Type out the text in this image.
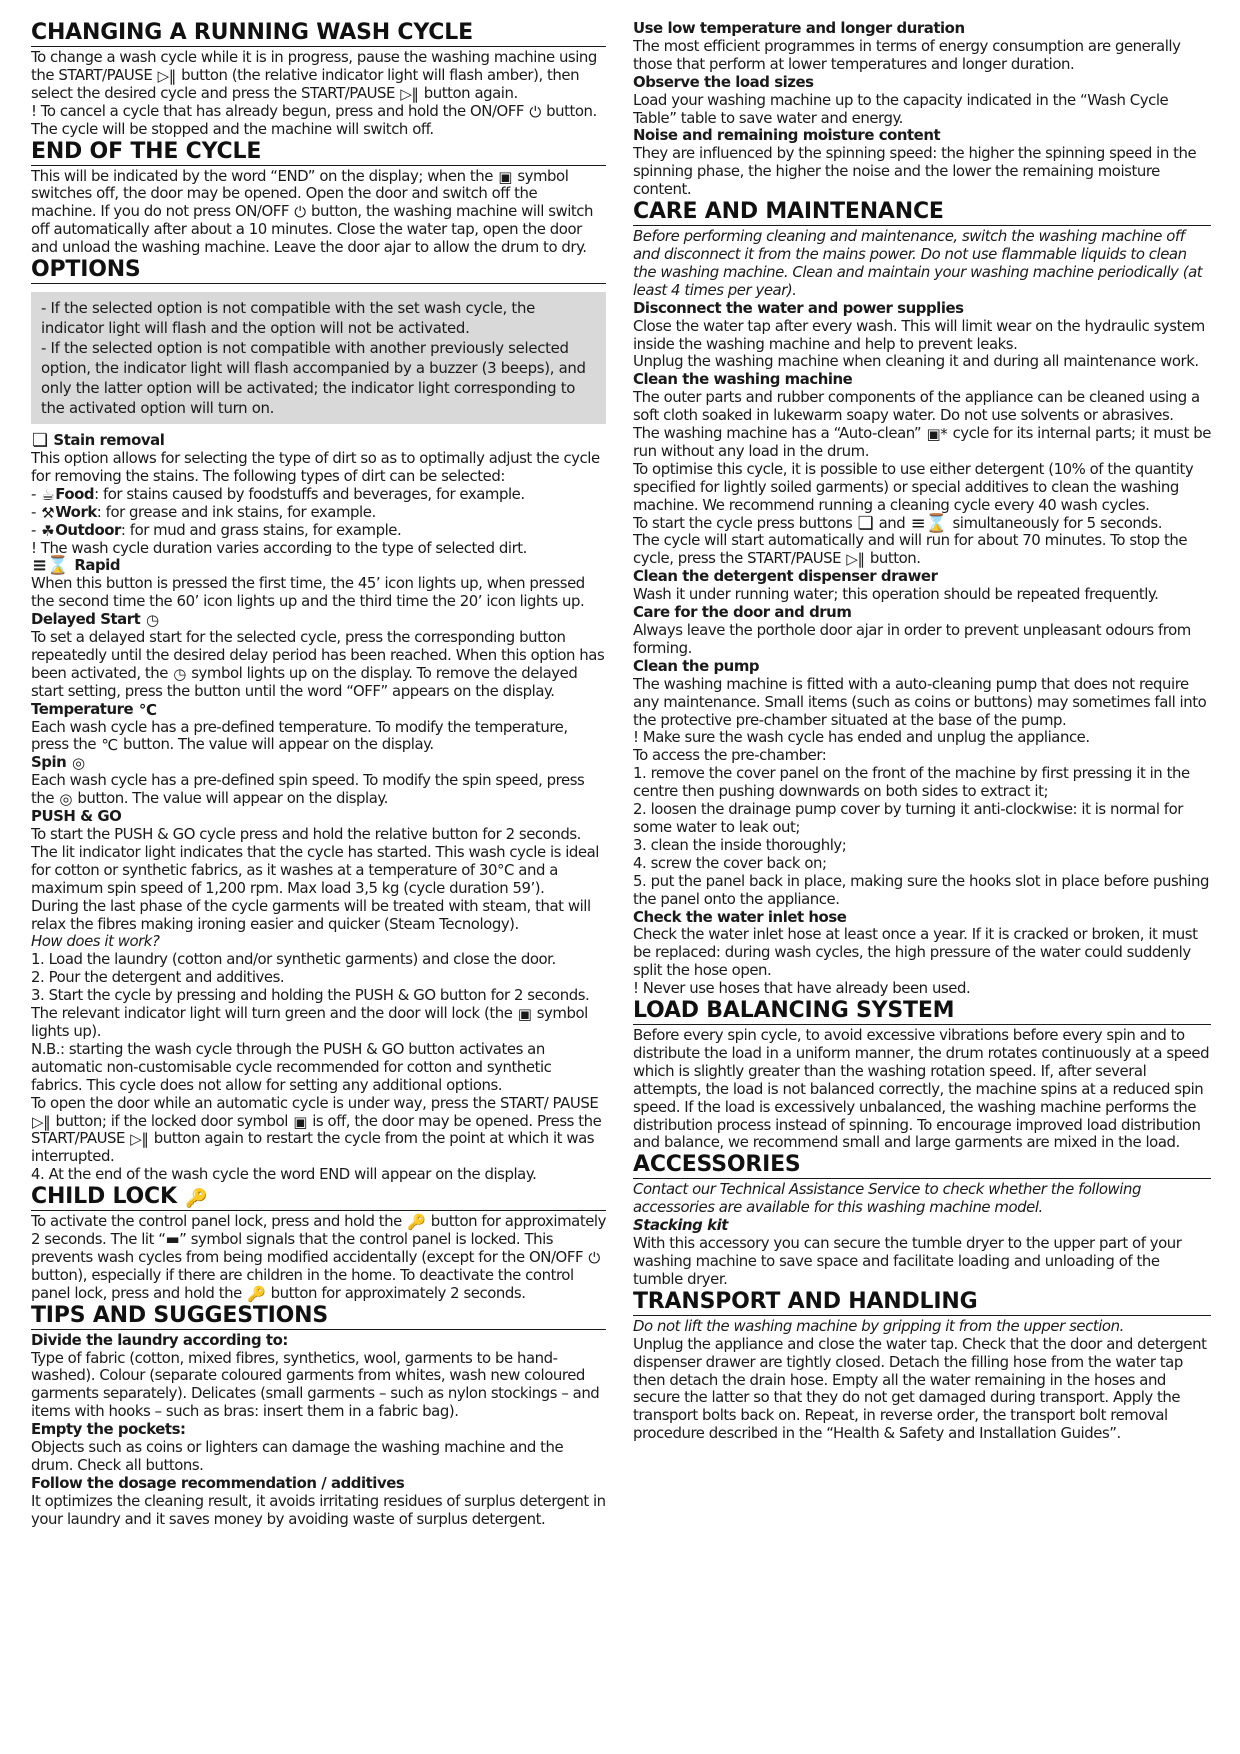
CHANGING A RUNNING WASH CYCLE

To change a wash cycle while it is in progress, pause the washing machine using the START/PAUSE ▷‖ button (the relative indicator light will flash amber), then select the desired cycle and press the START/PAUSE ▷‖ button again.

! To cancel a cycle that has already begun, press and hold the ON/OFF ⏻ button. The cycle will be stopped and the machine will switch off.

END OF THE CYCLE

This will be indicated by the word “END” on the display; when the ▣ symbol switches off, the door may be opened. Open the door and switch off the machine. If you do not press ON/OFF ⏻ button, the washing machine will switch off automatically after about a 10 minutes. Close the water tap, open the door and unload the washing machine. Leave the door ajar to allow the drum to dry.

OPTIONS

- If the selected option is not compatible with the set wash cycle, the indicator light will flash and the option will not be activated.

- If the selected option is not compatible with another previously selected option, the indicator light will flash accompanied by a buzzer (3 beeps), and only the latter option will be activated; the indicator light corresponding to the activated option will turn on.

❏ Stain removal

This option allows for selecting the type of dirt so as to optimally adjust the cycle for removing the stains. The following types of dirt can be selected:

- ☕Food: for stains caused by foodstuffs and beverages, for example.

- ⚒Work: for grease and ink stains, for example.

- ☘Outdoor: for mud and grass stains, for example.

! The wash cycle duration varies according to the type of selected dirt.

≡⌛ Rapid

When this button is pressed the first time, the 45’ icon lights up, when pressed the second time the 60’ icon lights up and the third time the 20’ icon lights up.

Delayed Start ◷

To set a delayed start for the selected cycle, press the corresponding button repeatedly until the desired delay period has been reached. When this option has been activated, the ◷ symbol lights up on the display. To remove the delayed start setting, press the button until the word “OFF” appears on the display.

Temperature ℃

Each wash cycle has a pre-defined temperature. To modify the temperature, press the ℃ button. The value will appear on the display.

Spin ◎

Each wash cycle has a pre-defined spin speed. To modify the spin speed, press the ◎ button. The value will appear on the display.

PUSH & GO

To start the PUSH & GO cycle press and hold the relative button for 2 seconds. The lit indicator light indicates that the cycle has started. This wash cycle is ideal for cotton or synthetic fabrics, as it washes at a temperature of 30°C and a maximum spin speed of 1,200 rpm. Max load 3,5 kg (cycle duration 59’).

During the last phase of the cycle garments will be treated with steam, that will relax the fibres making ironing easier and quicker (Steam Tecnology).

How does it work?

1. Load the laundry (cotton and/or synthetic garments) and close the door.

2. Pour the detergent and additives.

3. Start the cycle by pressing and holding the PUSH & GO button for 2 seconds. The relevant indicator light will turn green and the door will lock (the ▣ symbol lights up).

N.B.: starting the wash cycle through the PUSH & GO button activates an automatic non-customisable cycle recommended for cotton and synthetic fabrics. This cycle does not allow for setting any additional options.

To open the door while an automatic cycle is under way, press the START/ PAUSE ▷‖ button; if the locked door symbol ▣ is off, the door may be opened. Press the START/PAUSE ▷‖ button again to restart the cycle from the point at which it was interrupted.

4. At the end of the wash cycle the word END will appear on the display.

CHILD LOCK 🔑

To activate the control panel lock, press and hold the 🔑 button for approximately 2 seconds. The lit “▬” symbol signals that the control panel is locked. This prevents wash cycles from being modified accidentally (except for the ON/OFF ⏻ button), especially if there are children in the home. To deactivate the control panel lock, press and hold the 🔑 button for approximately 2 seconds.

TIPS AND SUGGESTIONS

Divide the laundry according to:

Type of fabric (cotton, mixed fibres, synthetics, wool, garments to be hand-washed). Colour (separate coloured garments from whites, wash new coloured garments separately). Delicates (small garments – such as nylon stockings – and items with hooks – such as bras: insert them in a fabric bag).

Empty the pockets:

Objects such as coins or lighters can damage the washing machine and the drum. Check all buttons.

Follow the dosage recommendation / additives

It optimizes the cleaning result, it avoids irritating residues of surplus detergent in your laundry and it saves money by avoiding waste of surplus detergent.

Use low temperature and longer duration

The most efficient programmes in terms of energy consumption are generally those that perform at lower temperatures and longer duration.

Observe the load sizes

Load your washing machine up to the capacity indicated in the “Wash Cycle Table” table to save water and energy.

Noise and remaining moisture content

They are influenced by the spinning speed: the higher the spinning speed in the spinning phase, the higher the noise and the lower the remaining moisture content.

CARE AND MAINTENANCE

Before performing cleaning and maintenance, switch the washing machine off and disconnect it from the mains power. Do not use flammable liquids to clean the washing machine. Clean and maintain your washing machine periodically (at least 4 times per year).

Disconnect the water and power supplies

Close the water tap after every wash. This will limit wear on the hydraulic system inside the washing machine and help to prevent leaks.

Unplug the washing machine when cleaning it and during all maintenance work.

Clean the washing machine

The outer parts and rubber components of the appliance can be cleaned using a soft cloth soaked in lukewarm soapy water. Do not use solvents or abrasives.

The washing machine has a “Auto-clean” ▣* cycle for its internal parts; it must be run without any load in the drum.

To optimise this cycle, it is possible to use either detergent (10% of the quantity specified for lightly soiled garments) or special additives to clean the washing machine. We recommend running a cleaning cycle every 40 wash cycles.

To start the cycle press buttons ❏ and ≡⌛ simultaneously for 5 seconds.

The cycle will start automatically and will run for about 70 minutes. To stop the cycle, press the START/PAUSE ▷‖ button.

Clean the detergent dispenser drawer

Wash it under running water; this operation should be repeated frequently.

Care for the door and drum

Always leave the porthole door ajar in order to prevent unpleasant odours from forming.

Clean the pump

The washing machine is fitted with a auto-cleaning pump that does not require any maintenance. Small items (such as coins or buttons) may sometimes fall into the protective pre-chamber situated at the base of the pump.

! Make sure the wash cycle has ended and unplug the appliance.

To access the pre-chamber:

1. remove the cover panel on the front of the machine by first pressing it in the centre then pushing downwards on both sides to extract it;

2. loosen the drainage pump cover by turning it anti-clockwise: it is normal for some water to leak out;

3. clean the inside thoroughly;

4. screw the cover back on;

5. put the panel back in place, making sure the hooks slot in place before pushing the panel onto the appliance.

Check the water inlet hose

Check the water inlet hose at least once a year. If it is cracked or broken, it must be replaced: during wash cycles, the high pressure of the water could suddenly split the hose open.

! Never use hoses that have already been used.

LOAD BALANCING SYSTEM

Before every spin cycle, to avoid excessive vibrations before every spin and to distribute the load in a uniform manner, the drum rotates continuously at a speed which is slightly greater than the washing rotation speed. If, after several attempts, the load is not balanced correctly, the machine spins at a reduced spin speed. If the load is excessively unbalanced, the washing machine performs the distribution process instead of spinning. To encourage improved load distribution and balance, we recommend small and large garments are mixed in the load.

ACCESSORIES

Contact our Technical Assistance Service to check whether the following accessories are available for this washing machine model.

Stacking kit

With this accessory you can secure the tumble dryer to the upper part of your washing machine to save space and facilitate loading and unloading of the tumble dryer.

TRANSPORT AND HANDLING

Do not lift the washing machine by gripping it from the upper section.

Unplug the appliance and close the water tap. Check that the door and detergent dispenser drawer are tightly closed. Detach the filling hose from the water tap then detach the drain hose. Empty all the water remaining in the hoses and secure the latter so that they do not get damaged during transport. Apply the transport bolts back on. Repeat, in reverse order, the transport bolt removal procedure described in the “Health & Safety and Installation Guides”.
